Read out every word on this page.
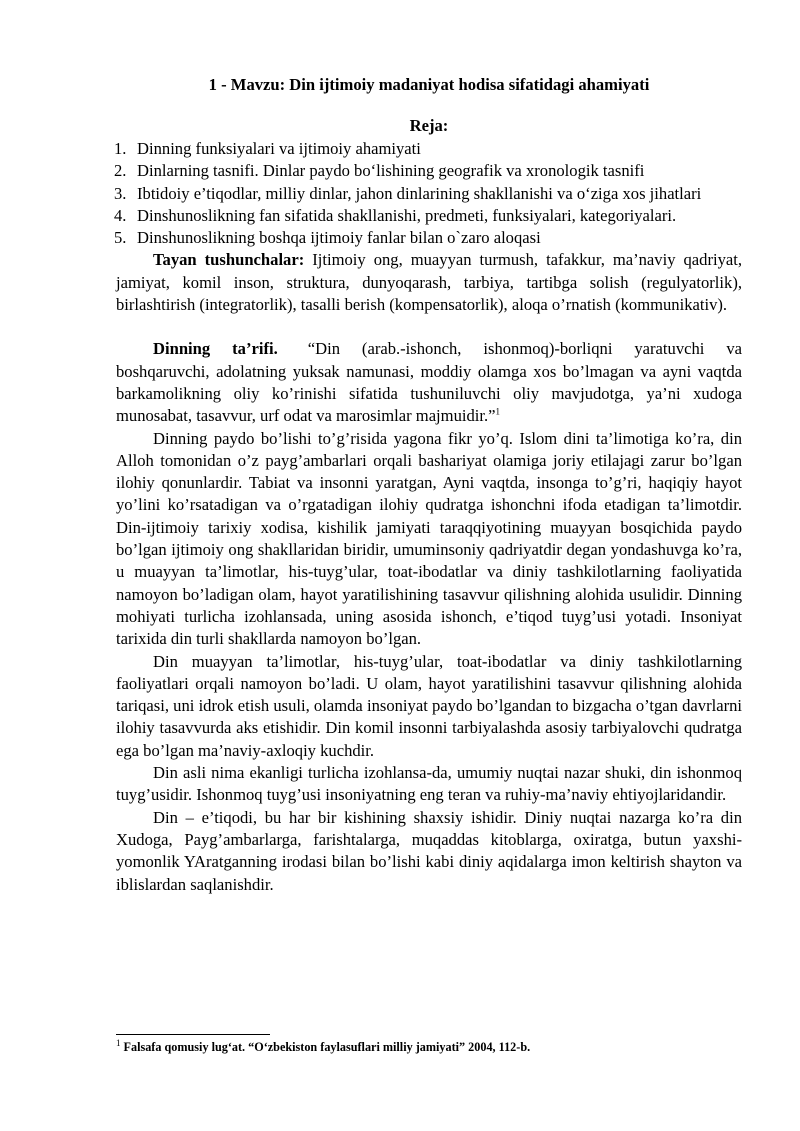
1 - Mavzu: Din ijtimoiy madaniyat hodisa sifatidagi ahamiyati
Reja:
1. Dinning funksiyalari va ijtimoiy ahamiyati
2. Dinlarning tasnifi. Dinlar paydo bo‘lishining geografik va xronologik tasnifi
3. Ibtidoiy e’tiqodlar, milliy dinlar, jahon dinlarining shakllanishi va o‘ziga xos jihatlari
4. Dinshunoslikning fan sifatida shakllanishi, predmeti, funksiyalari, kategoriyalari.
5. Dinshunoslikning boshqa ijtimoiy fanlar bilan o`zaro aloqasi

Tayan tushunchalar: Ijtimoiy ong, muayyan turmush, tafakkur, ma’naviy qadriyat, jamiyat, komil inson, struktura, dunyoqarash, tarbiya, tartibga solish (regulyatorlik), birlashtirish (integratorlik), tasalli berish (kompensatorlik), aloqa o’rnatish (kommunikativ).

Dinning ta’rifi. “Din (arab.-ishonch, ishonmoq)-borliqni yaratuvchi va boshqaruvchi, adolatning yuksak namunasi, moddiy olamga xos bo’lmagan va ayni vaqtda barkamolikning oliy ko’rinishi sifatida tushuniluvchi oliy mavjudotga, ya’ni xudoga munosabat, tasavvur, urf odat va marosimlar majmuidir.”$^1$

Dinning paydo bo’lishi to’g’risida yagona fikr yo’q. Islom dini ta’limotiga ko’ra, din Alloh tomonidan o’z payg’ambarlari orqali bashariyat olamiga joriy etilajagi zarur bo’lgan ilohiy qonunlardir. Tabiat va insonni yaratgan, Ayni vaqtda, insonga to’g’ri, haqiqiy hayot yo’lini ko’rsatadigan va o’rgatadigan ilohiy qudratga ishonchni ifoda etadigan ta’limotdir. Din-ijtimoiy tarixiy xodisa, kishilik jamiyati taraqqiyotining muayyan bosqichida paydo bo’lgan ijtimoiy ong shakllaridan biridir, umuminsoniy qadriyatdir degan yondashuvga ko’ra, u muayyan ta’limotlar, his-tuyg’ular, toat-ibodatlar va diniy tashkilotlarning faoliyatida namoyon bo’ladigan olam, hayot yaratilishining tasavvur qilishning alohida usulidir. Dinning mohiyati turlicha izohlansada, uning asosida ishonch, e’tiqod tuyg’usi yotadi. Insoniyat tarixida din turli shakllarda namoyon bo’lgan.

Din muayyan ta’limotlar, his-tuyg’ular, toat-ibodatlar va diniy tashkilotlarning faoliyatlari orqali namoyon bo’ladi. U olam, hayot yaratilishini tasavvur qilishning alohida tariqasi, uni idrok etish usuli, olamda insoniyat paydo bo’lgandan to bizgacha o’tgan davrlarni ilohiy tasavvurda aks etishidir. Din komil insonni tarbiyalashda asosiy tarbiyalovchi qudratga ega bo’lgan ma’naviy-axloqiy kuchdir.

Din asli nima ekanligi turlicha izohlansa-da, umumiy nuqtai nazar shuki, din ishonmoq tuyg’usidir. Ishonmoq tuyg’usi insoniyatning eng teran va ruhiy-ma’naviy ehtiyojlaridandir.

Din – e’tiqodi, bu har bir kishining shaxsiy ishidir. Diniy nuqtai nazarga ko’ra din Xudoga, Payg’ambarlarga, farishtalarga, muqaddas kitoblarga, oxiratga, butun yaxshi- yomonlik YAratganning irodasi bilan bo’lishi kabi diniy aqidalarga imon keltirish shayton va iblislardan saqlanishdir.

$^1$ Falsafa qomusiy lug‘at. “O‘zbekiston faylasuflari milliy jamiyati” 2004, 112-b.
